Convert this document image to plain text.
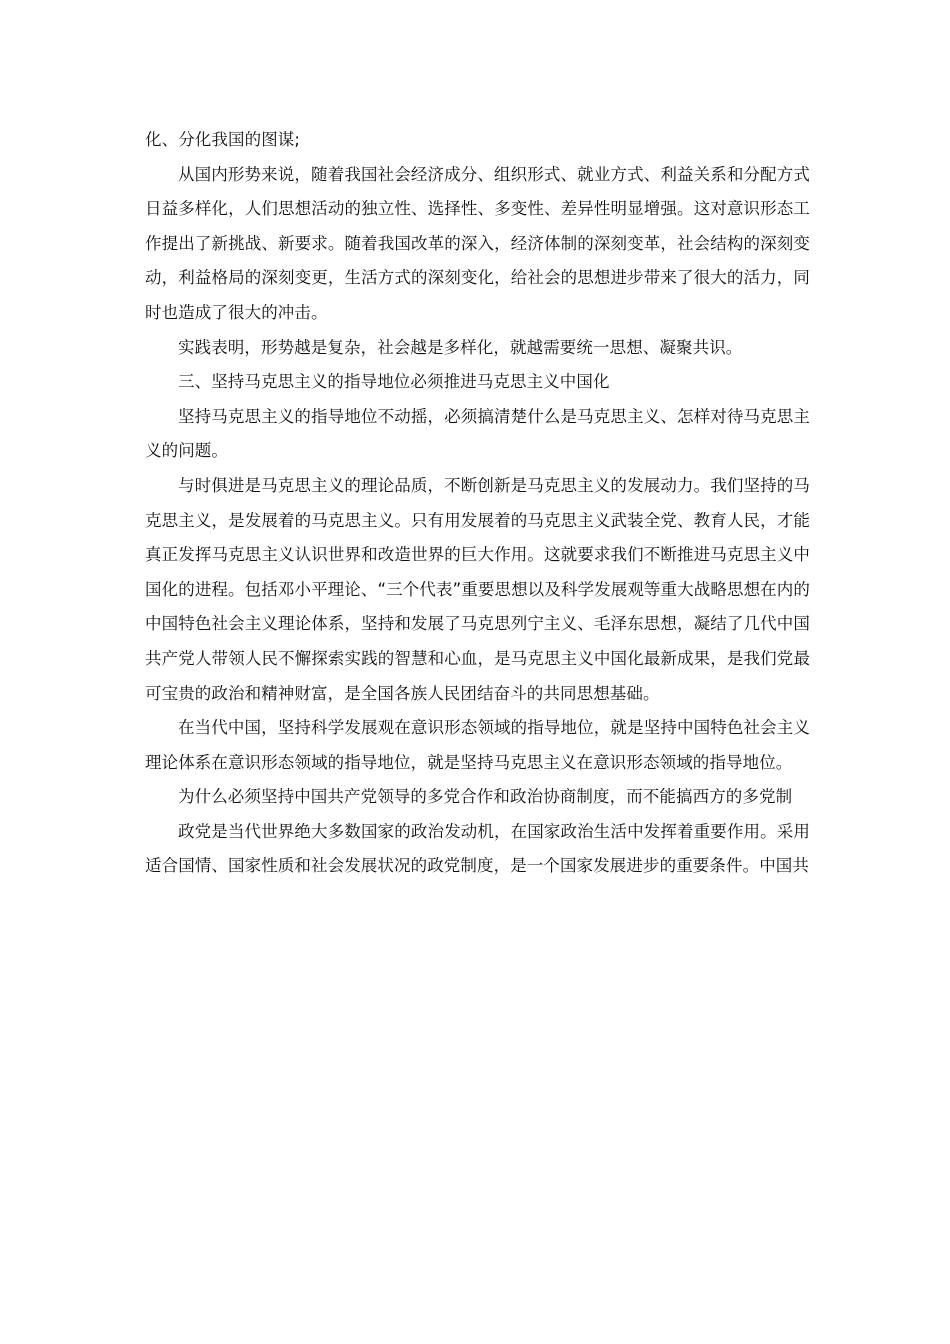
化、分化我国的图谋;

从国内形势来说，随着我国社会经济成分、组织形式、就业方式、利益关系和分配方式日益多样化，人们思想活动的独立性、选择性、多变性、差异性明显增强。这对意识形态工作提出了新挑战、新要求。随着我国改革的深入，经济体制的深刻变革，社会结构的深刻变动，利益格局的深刻变更，生活方式的深刻变化，给社会的思想进步带来了很大的活力，同时也造成了很大的冲击。

实践表明，形势越是复杂，社会越是多样化，就越需要统一思想、凝聚共识。

三、坚持马克思主义的指导地位必须推进马克思主义中国化

坚持马克思主义的指导地位不动摇，必须搞清楚什么是马克思主义、怎样对待马克思主义的问题。

与时俱进是马克思主义的理论品质，不断创新是马克思主义的发展动力。我们坚持的马克思主义，是发展着的马克思主义。只有用发展着的马克思主义武装全党、教育人民，才能真正发挥马克思主义认识世界和改造世界的巨大作用。这就要求我们不断推进马克思主义中国化的进程。包括邓小平理论、“三个代表”重要思想以及科学发展观等重大战略思想在内的中国特色社会主义理论体系，坚持和发展了马克思列宁主义、毛泽东思想，凝结了几代中国共产党人带领人民不懈探索实践的智慧和心血，是马克思主义中国化最新成果，是我们党最可宝贵的政治和精神财富，是全国各族人民团结奋斗的共同思想基础。

在当代中国，坚持科学发展观在意识形态领域的指导地位，就是坚持中国特色社会主义理论体系在意识形态领域的指导地位，就是坚持马克思主义在意识形态领域的指导地位。

为什么必须坚持中国共产党领导的多党合作和政治协商制度，而不能搞西方的多党制

政党是当代世界绝大多数国家的政治发动机，在国家政治生活中发挥着重要作用。采用适合国情、国家性质和社会发展状况的政党制度，是一个国家发展进步的重要条件。中国共
